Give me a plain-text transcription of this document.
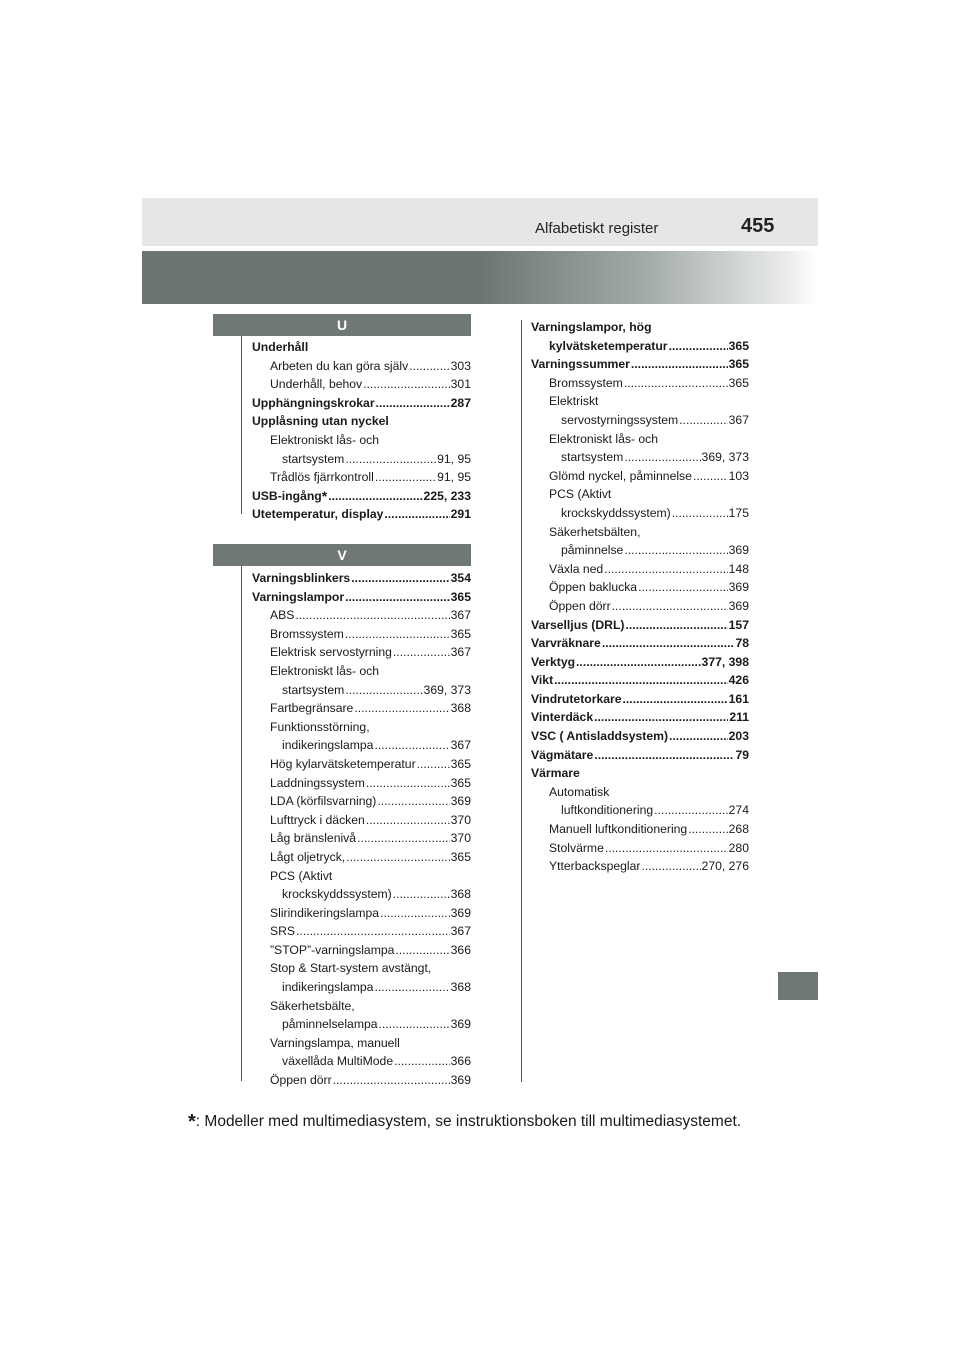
Alfabetiskt register	455
U
V
Underhåll
Arbeten du kan göra själv .....	303
Underhåll, behov .....	301
Upphängningskrokar .....	287
Upplåsning utan nyckel
Elektroniskt lås- och
startsystem .....	91, 95
Trådlös fjärrkontroll .....	91, 95
USB-ingång * .....	225, 233
Utetemperatur, display .....	291
Varningsblinkers .....	354
Varningslampor .....	365
ABS .....	367
Bromssystem .....	365
Elektrisk servostyrning .....	367
Elektroniskt lås- och
startsystem .....	369, 373
Fartbegränsare .....	368
Funktionsstörning,
indikeringslampa .....	367
Hög kylarvätsketemperatur .....	365
Laddningssystem .....	365
LDA (körfilsvarning) .....	369
Lufttryck i däcken .....	370
Låg bränslenivå .....	370
Lågt oljetryck, .....	365
PCS (Aktivt
krockskyddssystem) .....	368
Slirindikeringslampa .....	369
SRS .....	367
”STOP”-varningslampa .....	366
Stop & Start-system avstängt,
indikeringslampa .....	368
Säkerhetsbälte,
påminnelselampa .....	369
Varningslampa, manuell
växellåda MultiMode .....	366
Öppen dörr .....	369
Varningslampor, hög
kylvätsketemperatur .....	365
Varningssummer .....	365
Bromssystem .....	365
Elektriskt
servostyrningssystem .....	367
Elektroniskt lås- och
startsystem .....	369, 373
Glömd nyckel, påminnelse .....	103
PCS (Aktivt
krockskyddssystem) .....	175
Säkerhetsbälten,
påminnelse .....	369
Växla ned .....	148
Öppen baklucka .....	369
Öppen dörr .....	369
Varselljus (DRL) .....	157
Varvräknare .....	78
Verktyg .....	377, 398
Vikt .....	426
Vindrutetorkare .....	161
Vinterdäck .....	211
VSC ( Antisladdsystem) .....	203
Vägmätare .....	79
Värmare
Automatisk
luftkonditionering .....	274
Manuell luftkonditionering .....	268
Stolvärme .....	280
Ytterbackspeglar .....	270, 276
*: Modeller med multimediasystem, se instruktionsboken till multimediasystemet.
